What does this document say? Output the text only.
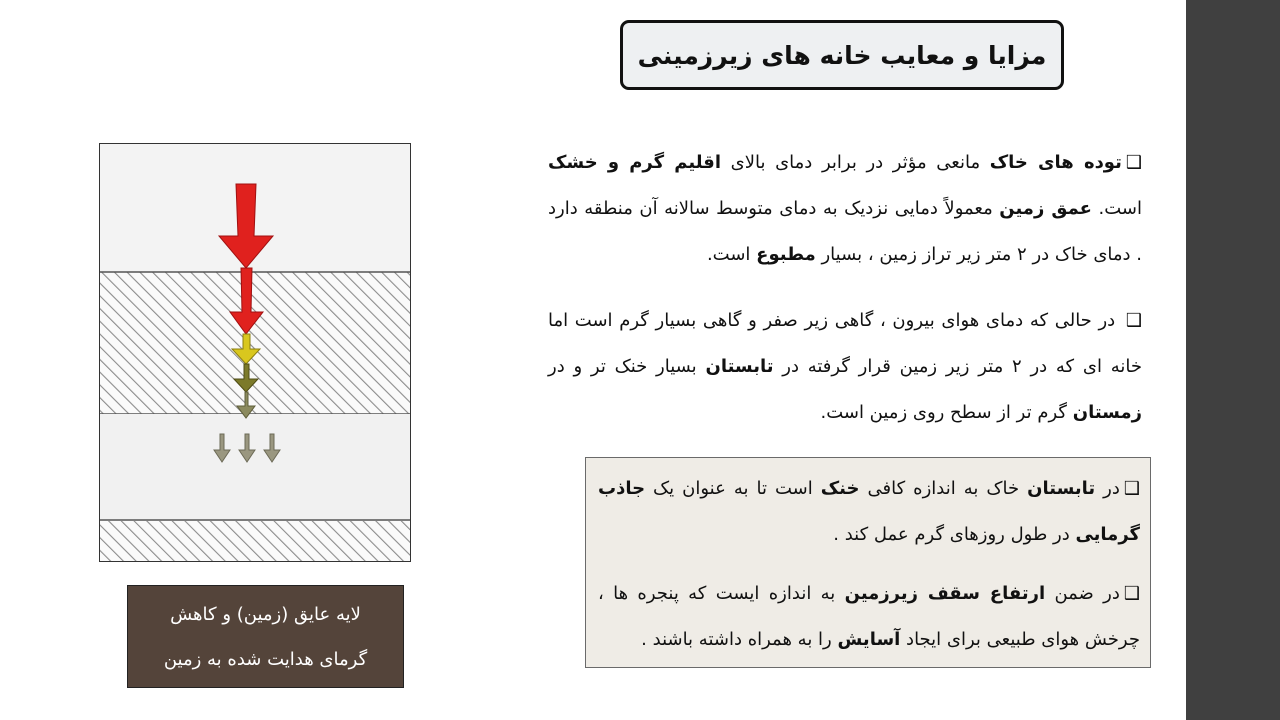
مزایا و معایب خانه های زیرزمینی
❑توده های خاک مانعی مؤثر در برابر دمای بالای اقلیم گرم و خشک است. عمق زمین معمولاً دمایی نزدیک به دمای متوسط سالانه آن منطقه دارد . دمای خاک در ۲ متر زیر تراز زمین ، بسیار مطبوع است.
❑ در حالی که دمای هوای بیرون ، گاهی زیر صفر و گاهی بسیار گرم است اما خانه ای که در ۲ متر زیر زمین قرار گرفته در تابستان بسیار خنک تر و در زمستان گرم تر از سطح روی زمین است.
❑در تابستان خاک به اندازه کافی خنک است تا به عنوان یک جاذب گرمایی در طول روزهای گرم عمل کند .
❑در ضمن ارتفاع سقف زیرزمین به اندازه ایست که پنجره ها ، چرخش هوای طبیعی برای ایجاد آسایش را به همراه داشته باشند .
لایه عایق (زمین) و کاهش
گرمای هدایت شده به زمین
